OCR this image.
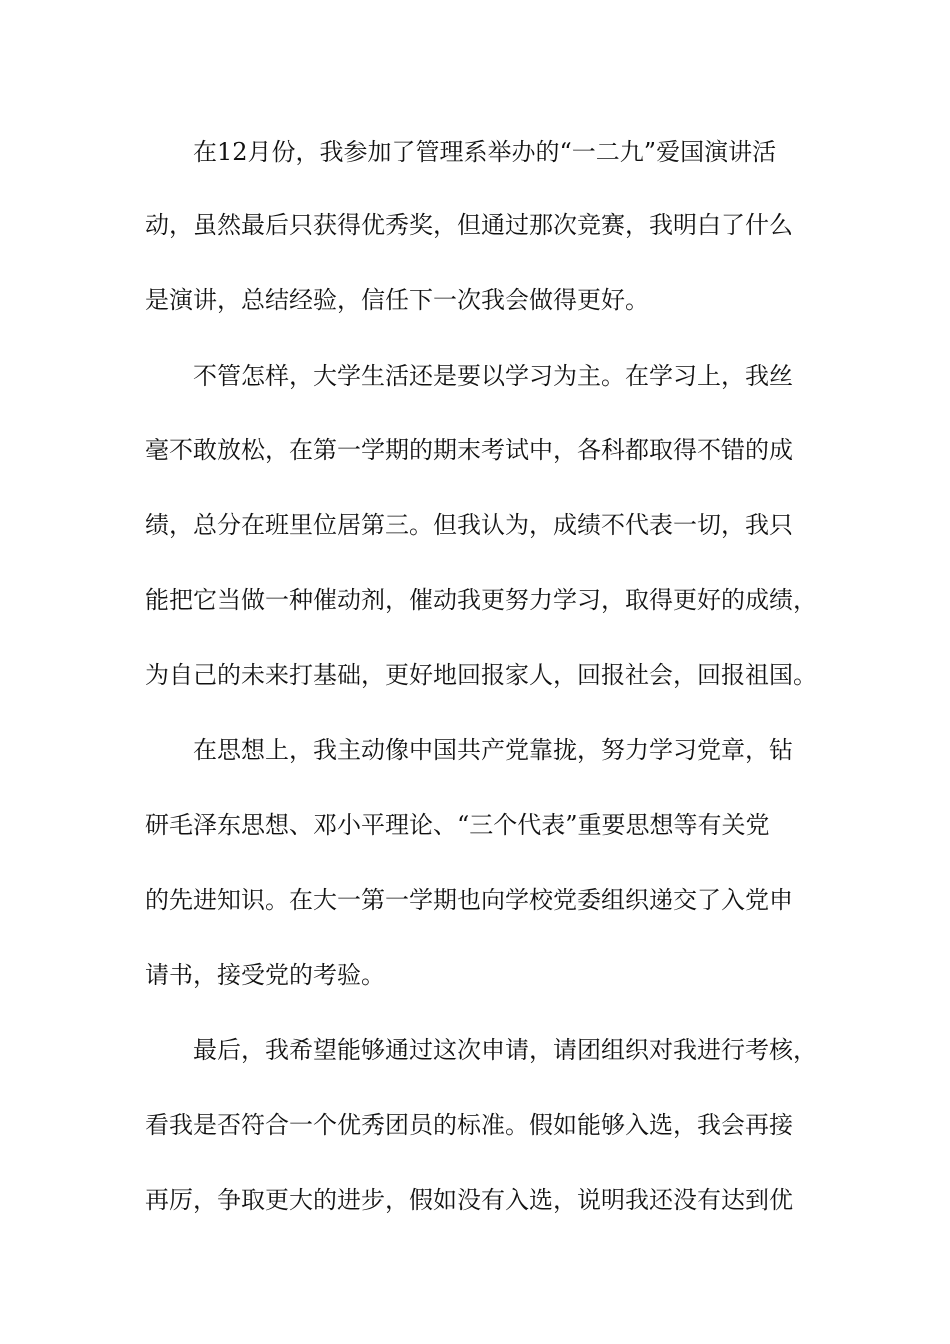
在12月份，我参加了管理系举办的“一二九”爱国演讲活
动，虽然最后只获得优秀奖，但通过那次竞赛，我明白了什么
是演讲，总结经验，信任下一次我会做得更好。
不管怎样，大学生活还是要以学习为主。在学习上，我丝
毫不敢放松，在第一学期的期末考试中，各科都取得不错的成
绩，总分在班里位居第三。但我认为，成绩不代表一切，我只
能把它当做一种催动剂，催动我更努力学习，取得更好的成绩，
为自己的未来打基础，更好地回报家人，回报社会，回报祖国。
在思想上，我主动像中国共产党靠拢，努力学习党章，钻
研毛泽东思想、邓小平理论、“三个代表”重要思想等有关党
的先进知识。在大一第一学期也向学校党委组织递交了入党申
请书，接受党的考验。
最后，我希望能够通过这次申请，请团组织对我进行考核，
看我是否符合一个优秀团员的标准。假如能够入选，我会再接
再厉，争取更大的进步，假如没有入选，说明我还没有达到优
